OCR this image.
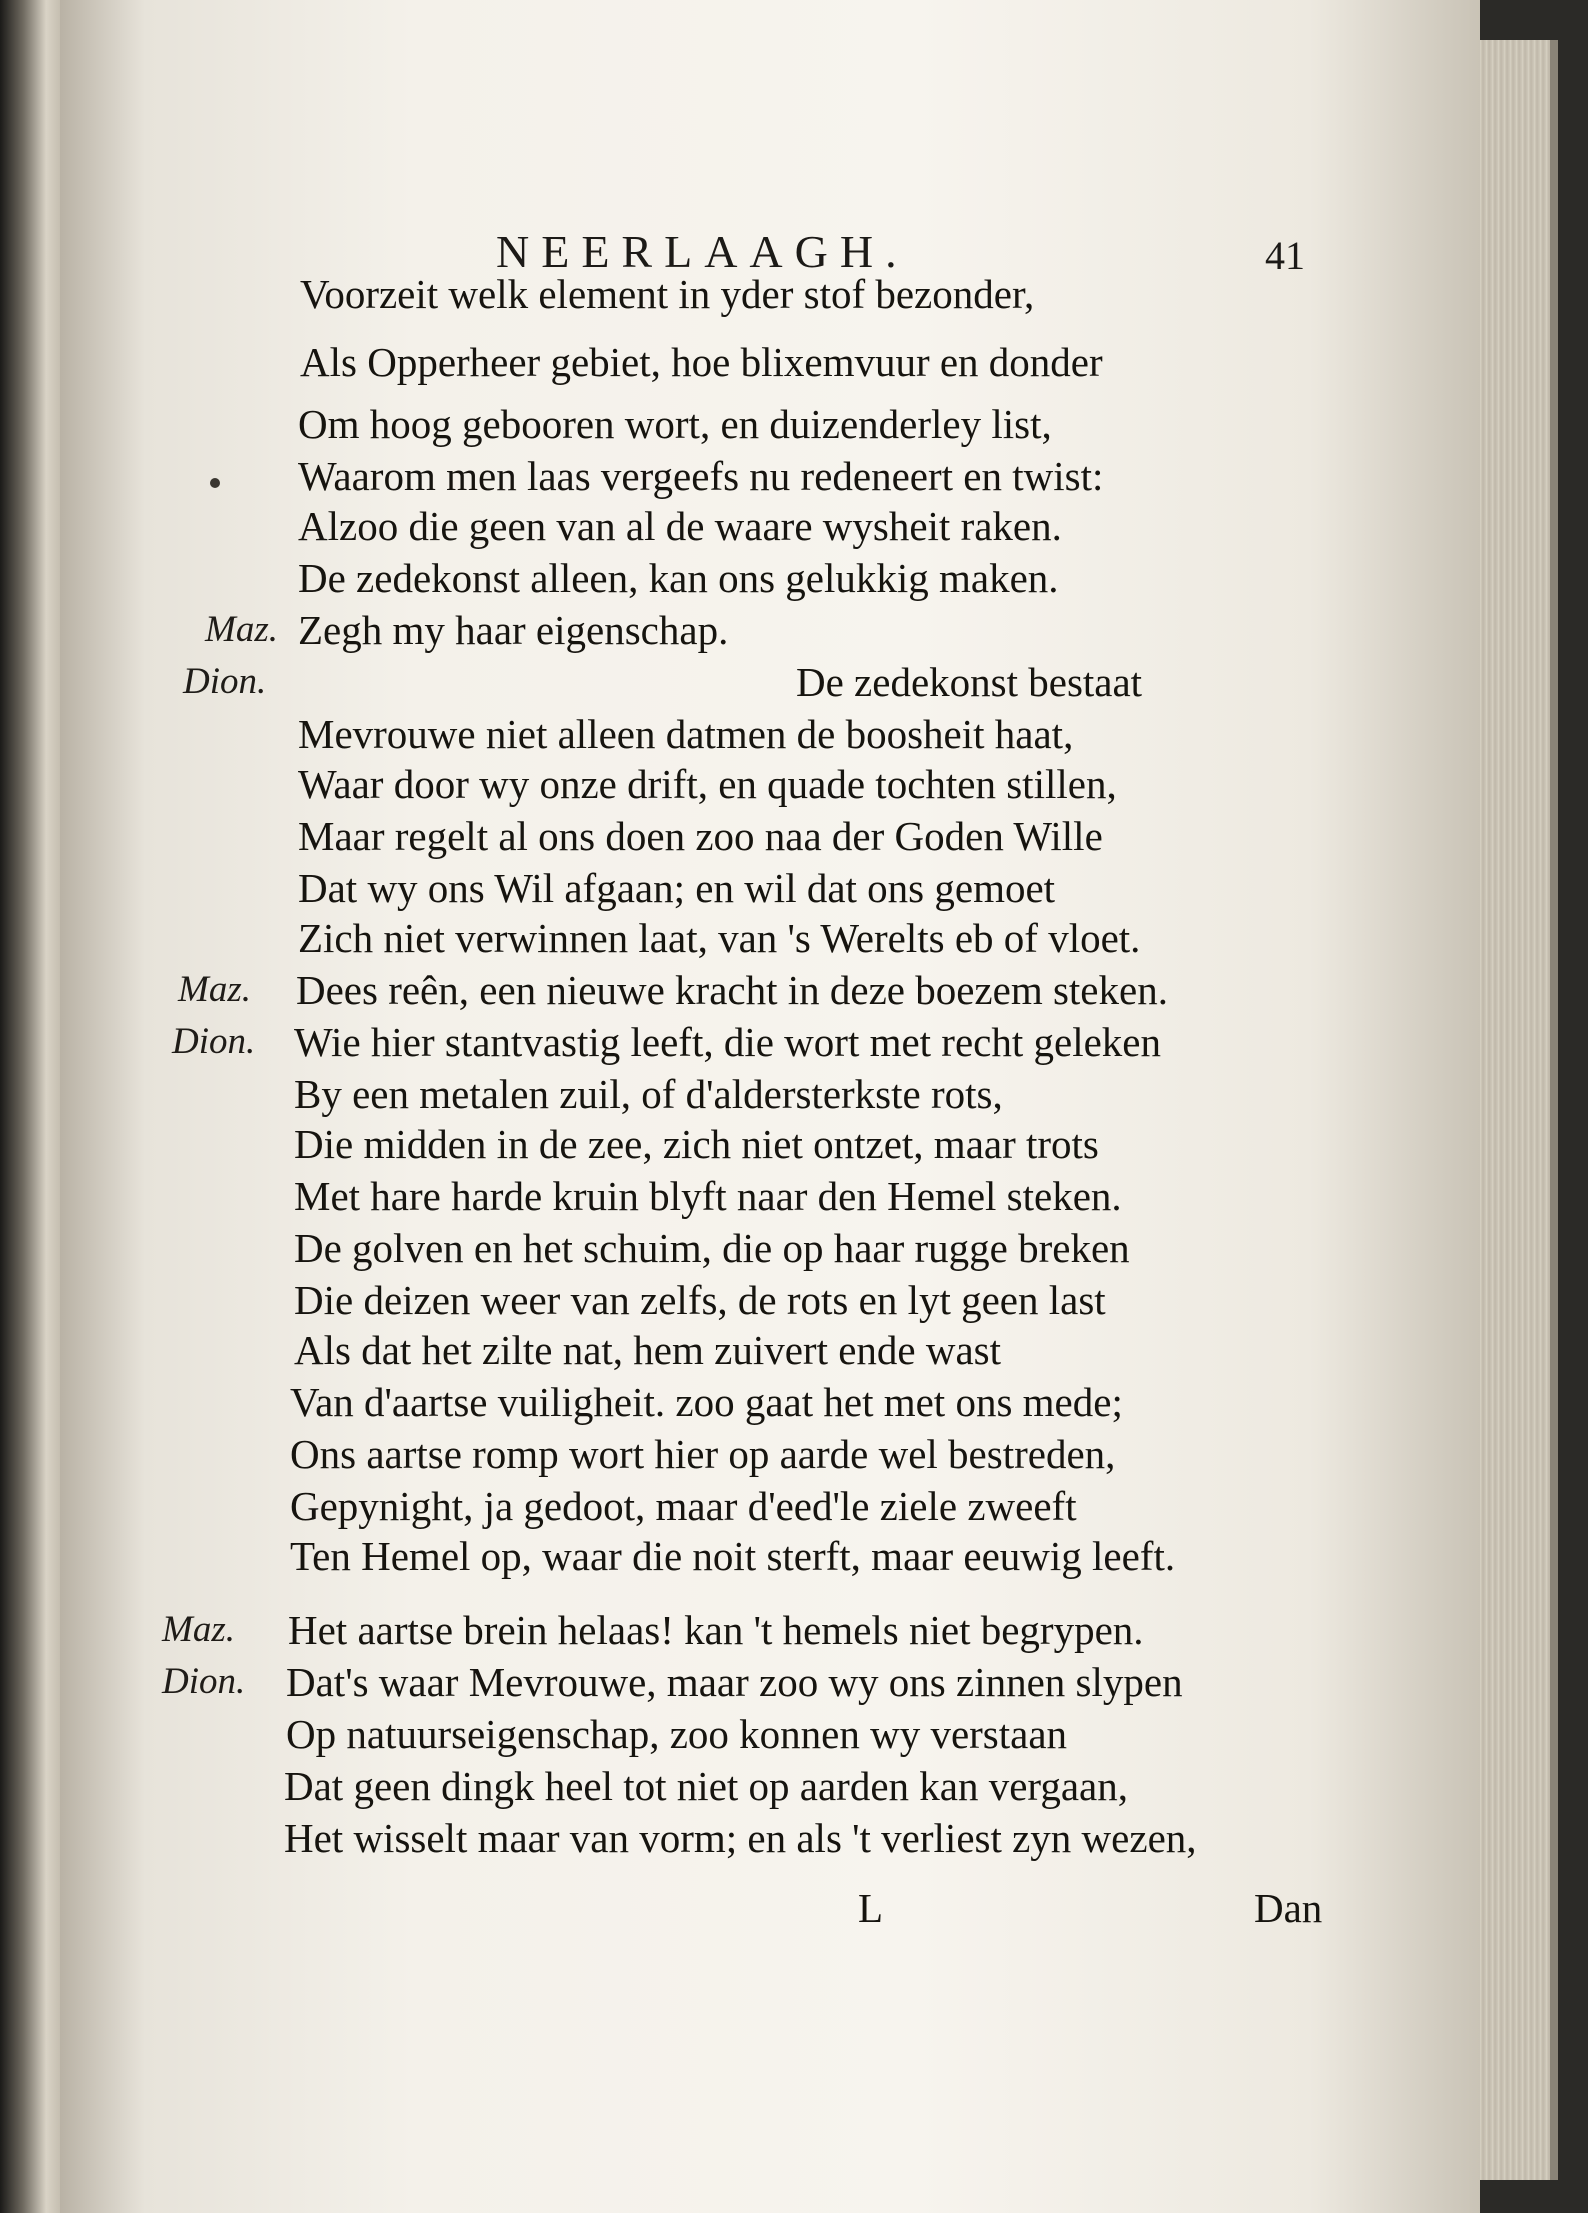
NEERLAAGH.	41
Maz.
Dion.
Maz.
Dion.
Maz.
Dion.
Voorzeit welk element in yder stof bezonder,
Als Opperheer gebiet, hoe blixemvuur en donder
Om hoog gebooren wort, en duizenderley list,
Waarom men laas vergeefs nu redeneert en twist:
Alzoo die geen van al de waare wysheit raken.
De zedekonst alleen, kan ons gelukkig maken.
Zegh my haar eigenschap.
De zedekonst bestaat
Mevrouwe niet alleen datmen de boosheit haat,
Waar door wy onze drift, en quade tochten stillen,
Maar regelt al ons doen zoo naa der Goden Wille
Dat wy ons Wil afgaan; en wil dat ons gemoet
Zich niet verwinnen laat, van 's Werelts eb of vloet.
Dees reên, een nieuwe kracht in deze boezem steken.
Wie hier stantvastig leeft, die wort met recht geleken
By een metalen zuil, of d'aldersterkste rots,
Die midden in de zee, zich niet ontzet, maar trots
Met hare harde kruin blyft naar den Hemel steken.
De golven en het schuim, die op haar rugge breken
Die deizen weer van zelfs, de rots en lyt geen last
Als dat het zilte nat, hem zuivert ende wast
Van d'aartse vuiligheit. zoo gaat het met ons mede;
Ons aartse romp wort hier op aarde wel bestreden,
Gepynight, ja gedoot, maar d'eed'le ziele zweeft
Ten Hemel op, waar die noit sterft, maar eeuwig leeft.
Het aartse brein helaas! kan 't hemels niet begrypen.
Dat's waar Mevrouwe, maar zoo wy ons zinnen slypen
Op natuurseigenschap, zoo konnen wy verstaan
Dat geen dingk heel tot niet op aarden kan vergaan,
Het wisselt maar van vorm; en als 't verliest zyn wezen,
L	Dan
